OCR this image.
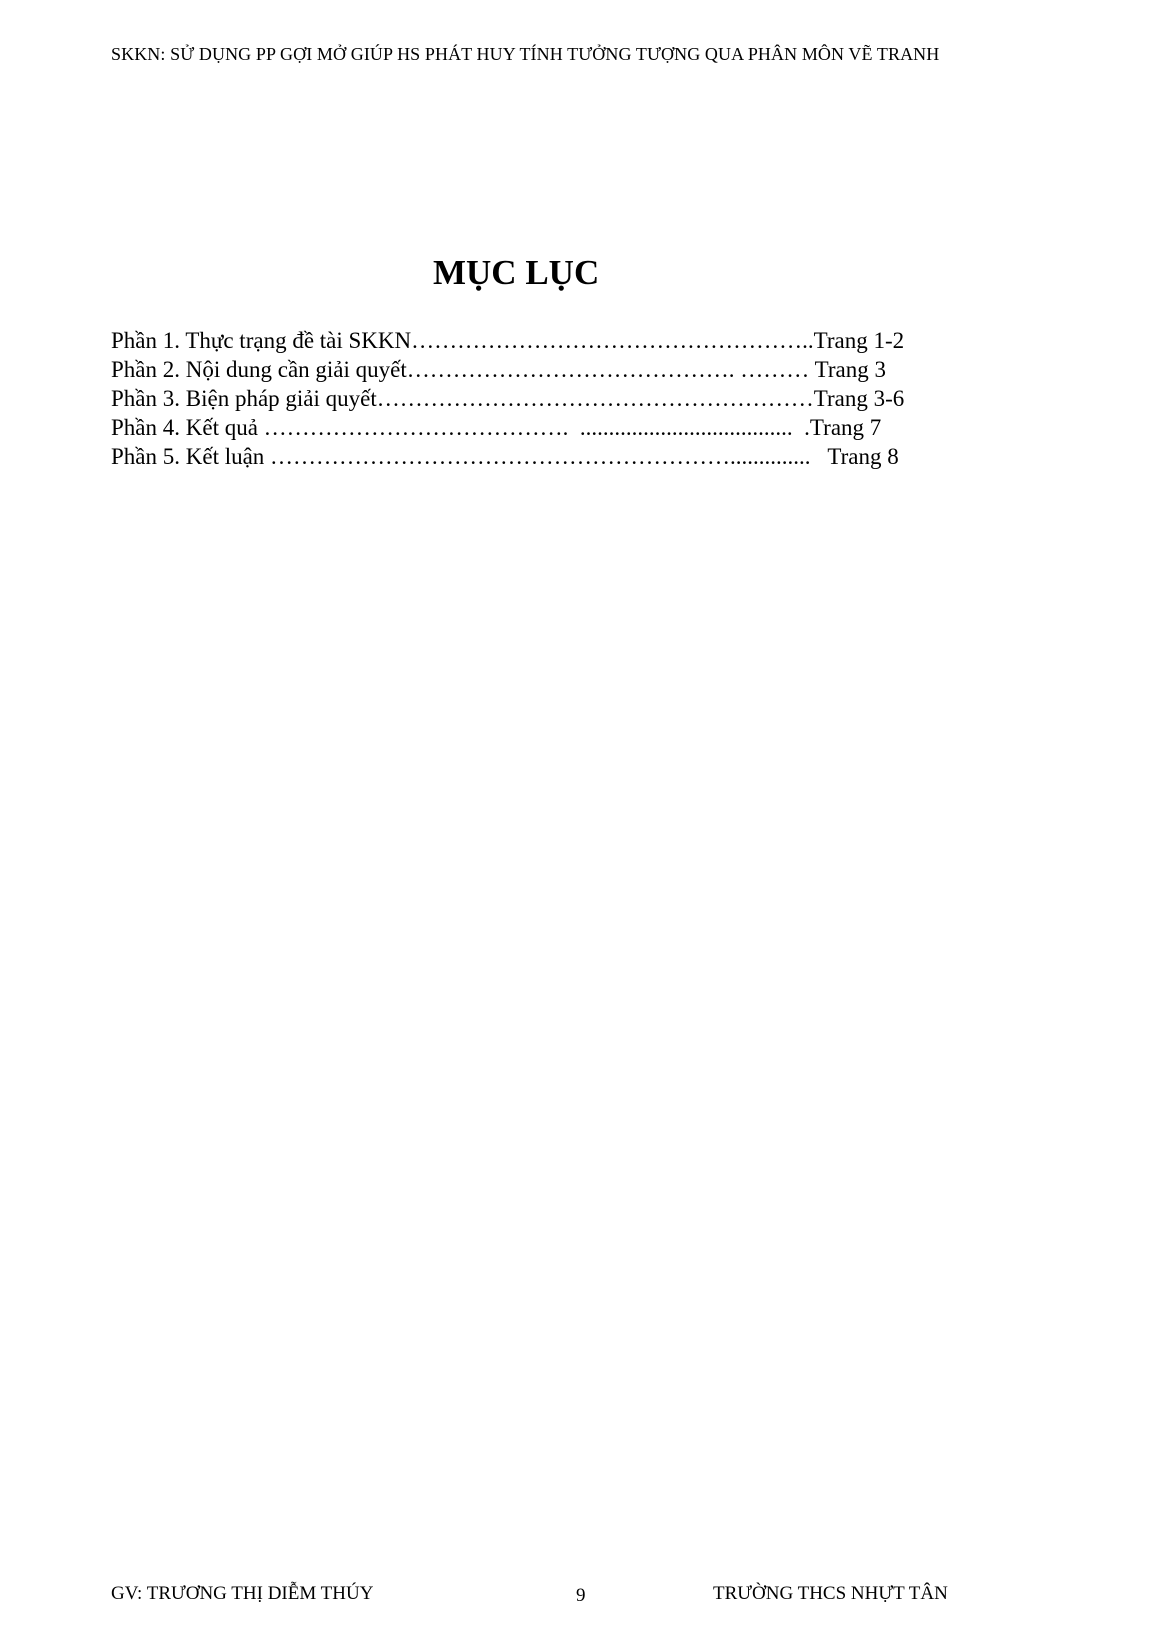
SKKN: SỬ DỤNG PP GỢI MỞ GIÚP HS PHÁT HUY TÍNH TƯỞNG TƯỢNG QUA PHÂN MÔN VẼ TRANH
MỤC LỤC
Phần 1. Thực trạng đề tài SKKN……………………………………………..Trang 1-2
Phần 2. Nội dung cần giải quyết……………………………………. ……… Trang 3
Phần 3. Biện pháp giải quyết…………………………………………………Trang 3-6
Phần 4. Kết quả ………………………………….  .....................................  .Trang 7
Phần 5. Kết luận ……………………………………………………..............   Trang 8
GV: TRƯƠNG THỊ DIỄM THÚY	9	TRƯỜNG THCS NHỰT TÂN
